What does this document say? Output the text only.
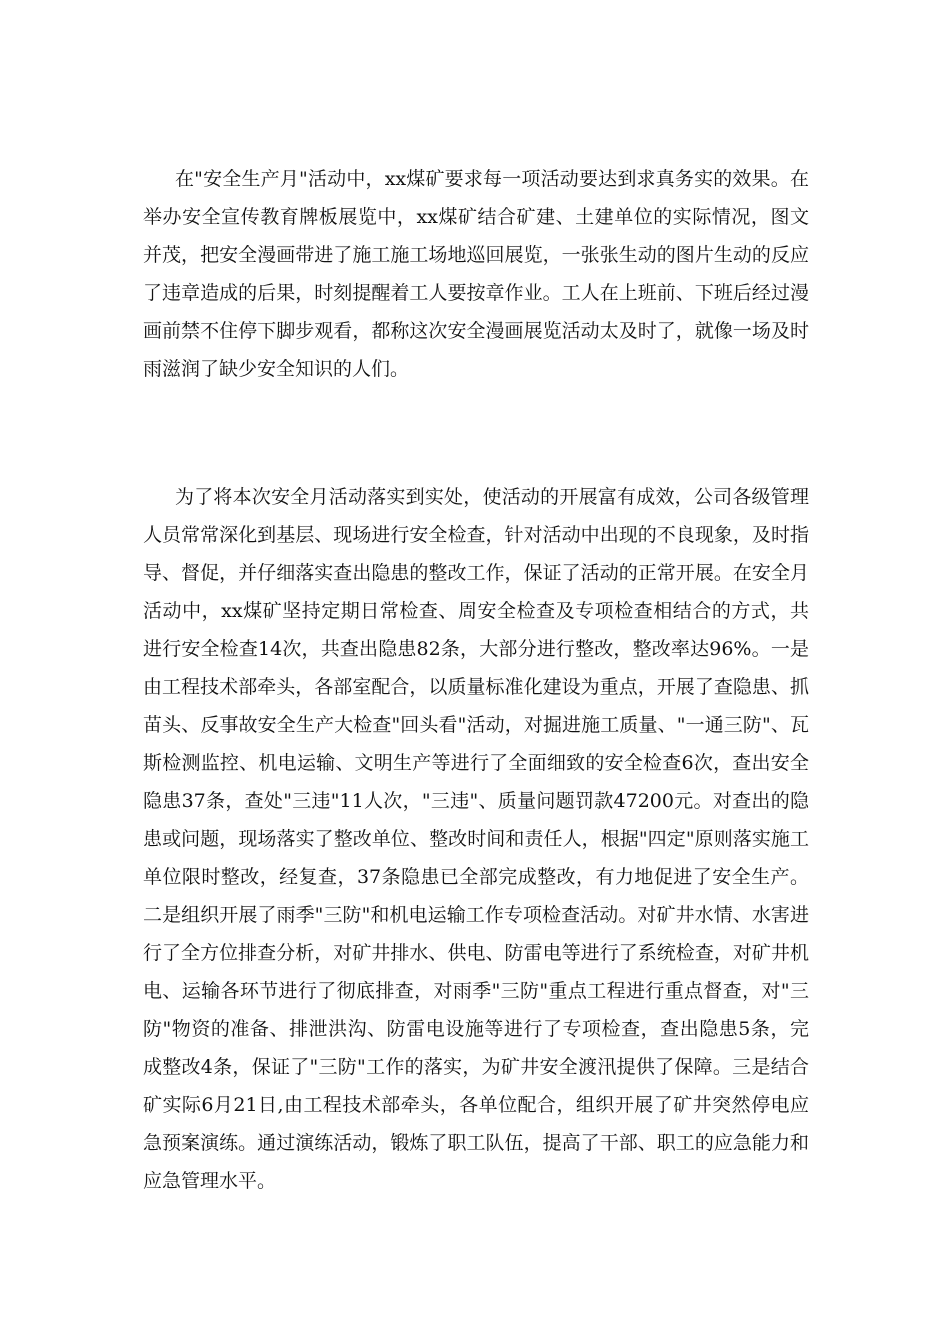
在"安全生产月"活动中，xx煤矿要求每一项活动要达到求真务实的效果。在举办安全宣传教育牌板展览中，xx煤矿结合矿建、土建单位的实际情况，图文并茂，把安全漫画带进了施工施工场地巡回展览，一张张生动的图片生动的反应了违章造成的后果，时刻提醒着工人要按章作业。工人在上班前、下班后经过漫画前禁不住停下脚步观看，都称这次安全漫画展览活动太及时了，就像一场及时雨滋润了缺少安全知识的人们。

为了将本次安全月活动落实到实处，使活动的开展富有成效，公司各级管理人员常常深化到基层、现场进行安全检查，针对活动中出现的不良现象，及时指导、督促，并仔细落实查出隐患的整改工作，保证了活动的正常开展。在安全月活动中，xx煤矿坚持定期日常检查、周安全检查及专项检查相结合的方式，共进行安全检查14次，共查出隐患82条，大部分进行整改，整改率达96%。一是由工程技术部牵头，各部室配合，以质量标准化建设为重点，开展了查隐患、抓苗头、反事故安全生产大检查"回头看"活动，对掘进施工质量、"一通三防"、瓦斯检测监控、机电运输、文明生产等进行了全面细致的安全检查6次，查出安全隐患37条，查处"三违"11人次，"三违"、质量问题罚款47200元。对查出的隐患或问题，现场落实了整改单位、整改时间和责任人，根据"四定"原则落实施工单位限时整改，经复查，37条隐患已全部完成整改，有力地促进了安全生产。二是组织开展了雨季"三防"和机电运输工作专项检查活动。对矿井水情、水害进行了全方位排查分析，对矿井排水、供电、防雷电等进行了系统检查，对矿井机电、运输各环节进行了彻底排查，对雨季"三防"重点工程进行重点督查，对"三防"物资的准备、排泄洪沟、防雷电设施等进行了专项检查，查出隐患5条，完成整改4条，保证了"三防"工作的落实，为矿井安全渡汛提供了保障。三是结合矿实际6月21日,由工程技术部牵头，各单位配合，组织开展了矿井突然停电应急预案演练。通过演练活动，锻炼了职工队伍，提高了干部、职工的应急能力和应急管理水平。
